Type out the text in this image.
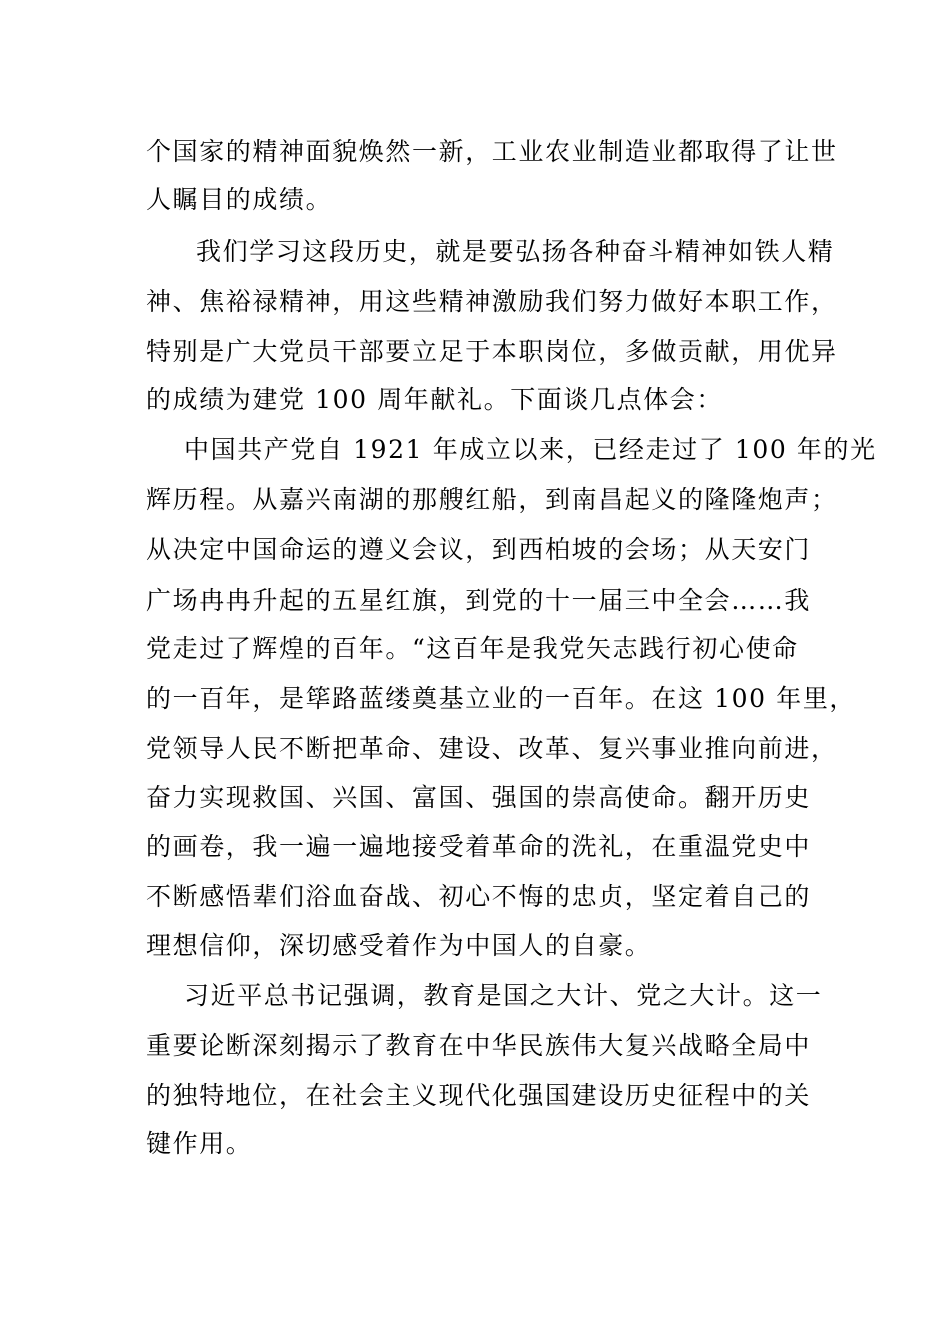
个国家的精神面貌焕然一新，工业农业制造业都取得了让世
人瞩目的成绩。
我们学习这段历史，就是要弘扬各种奋斗精神如铁人精
神、焦裕禄精神，用这些精神激励我们努力做好本职工作，
特别是广大党员干部要立足于本职岗位，多做贡献，用优异
的成绩为建党 100 周年献礼。下面谈几点体会：
中国共产党自 1921 年成立以来，已经走过了 100 年的光
辉历程。从嘉兴南湖的那艘红船，到南昌起义的隆隆炮声；
从决定中国命运的遵义会议，到西柏坡的会场；从天安门
广场冉冉升起的五星红旗，到党的十一届三中全会……我
党走过了辉煌的百年。“这百年是我党矢志践行初心使命
的一百年，是筚路蓝缕奠基立业的一百年。在这 100 年里，
党领导人民不断把革命、建设、改革、复兴事业推向前进，
奋力实现救国、兴国、富国、强国的崇高使命。翻开历史
的画卷，我一遍一遍地接受着革命的洗礼，在重温党史中
不断感悟辈们浴血奋战、初心不悔的忠贞，坚定着自己的
理想信仰，深切感受着作为中国人的自豪。
习近平总书记强调，教育是国之大计、党之大计。这一
重要论断深刻揭示了教育在中华民族伟大复兴战略全局中
的独特地位，在社会主义现代化强国建设历史征程中的关
键作用。
